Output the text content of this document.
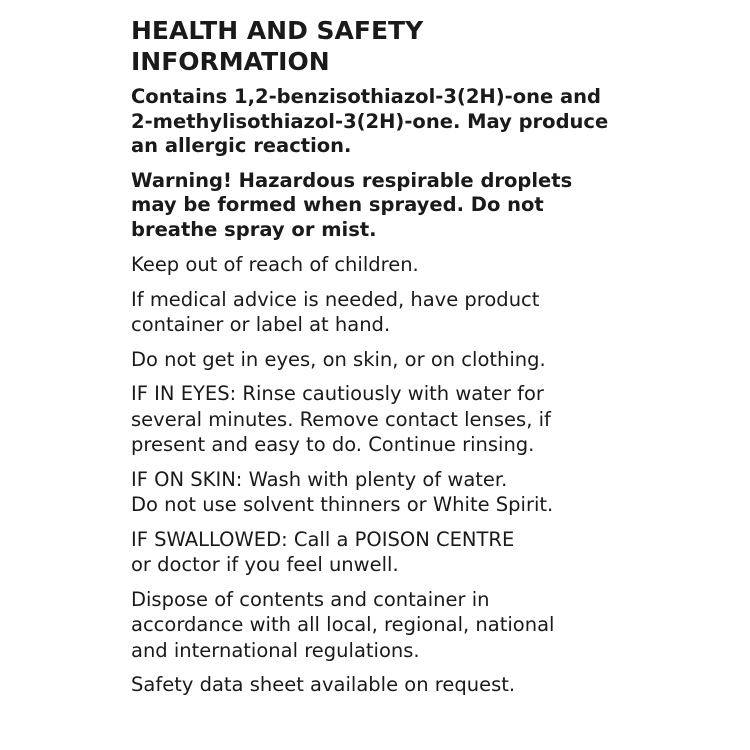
HEALTH AND SAFETY
INFORMATION
Contains 1,2-benzisothiazol-3(2H)-one and
2-methylisothiazol-3(2H)-one. May produce
an allergic reaction.
Warning! Hazardous respirable droplets
may be formed when sprayed. Do not
breathe spray or mist.
Keep out of reach of children.
If medical advice is needed, have product
container or label at hand.
Do not get in eyes, on skin, or on clothing.
IF IN EYES: Rinse cautiously with water for
several minutes. Remove contact lenses, if
present and easy to do. Continue rinsing.
IF ON SKIN: Wash with plenty of water.
Do not use solvent thinners or White Spirit.
IF SWALLOWED: Call a POISON CENTRE
or doctor if you feel unwell.
Dispose of contents and container in
accordance with all local, regional, national
and international regulations.
Safety data sheet available on request.
